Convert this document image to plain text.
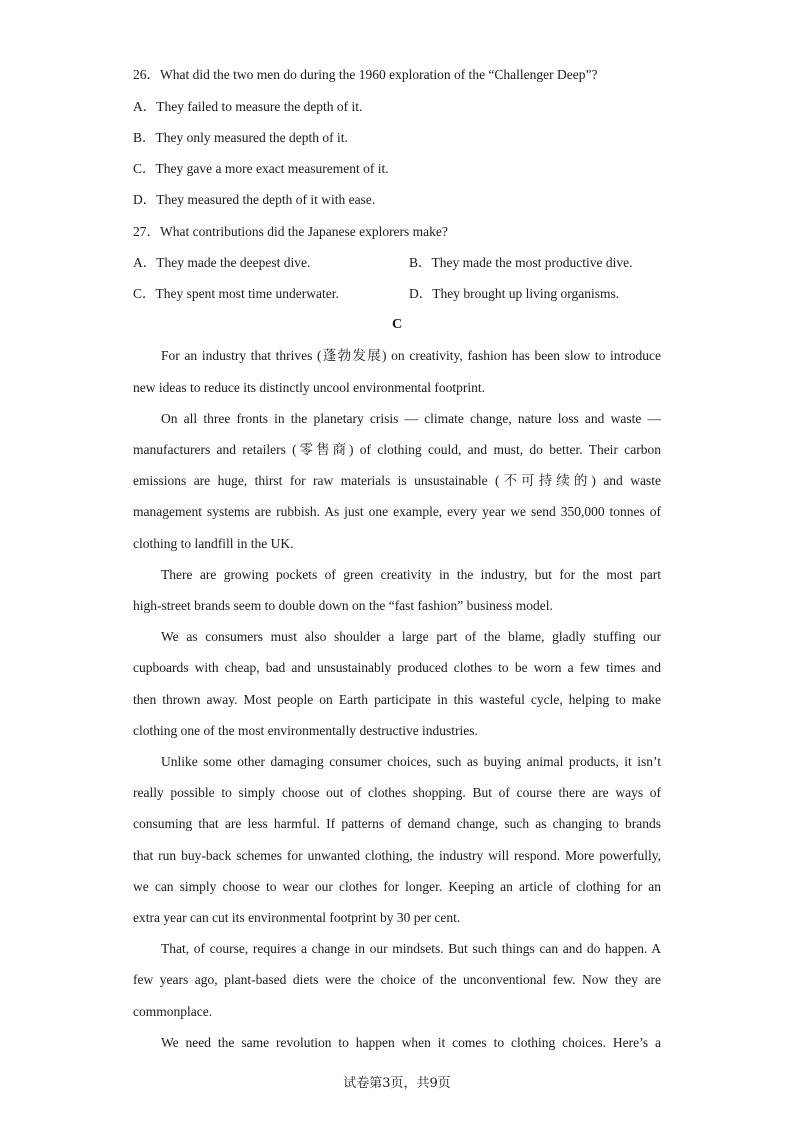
26．What did the two men do during the 1960 exploration of the “Challenger Deep”?
A．They failed to measure the depth of it.
B．They only measured the depth of it.
C．They gave a more exact measurement of it.
D．They measured the depth of it with ease.
27．What contributions did the Japanese explorers make?
A．They made the deepest dive.	B．They made the most productive dive.
C．They spent most time underwater.	D．They brought up living organisms.
C
For an industry that thrives (蓬勃发展) on creativity, fashion has been slow to introduce
new ideas to reduce its distinctly uncool environmental footprint.
On all three fronts in the planetary crisis — climate change, nature loss and waste —
manufacturers and retailers (零售商) of clothing could, and must, do better. Their carbon
emissions are huge, thirst for raw materials is unsustainable (不可持续的) and waste
management systems are rubbish. As just one example, every year we send 350,000 tonnes of
clothing to landfill in the UK.
There are growing pockets of green creativity in the industry, but for the most part
high-street brands seem to double down on the “fast fashion” business model.
We as consumers must also shoulder a large part of the blame, gladly stuffing our
cupboards with cheap, bad and unsustainably produced clothes to be worn a few times and
then thrown away. Most people on Earth participate in this wasteful cycle, helping to make
clothing one of the most environmentally destructive industries.
Unlike some other damaging consumer choices, such as buying animal products, it isn’t
really possible to simply choose out of clothes shopping. But of course there are ways of
consuming that are less harmful. If patterns of demand change, such as changing to brands
that run buy-back schemes for unwanted clothing, the industry will respond. More powerfully,
we can simply choose to wear our clothes for longer. Keeping an article of clothing for an
extra year can cut its environmental footprint by 30 per cent.
That, of course, requires a change in our mindsets. But such things can and do happen. A
few years ago, plant-based diets were the choice of the unconventional few. Now they are
commonplace.
We need the same revolution to happen when it comes to clothing choices. Here’s a
试卷第3页，共9页
